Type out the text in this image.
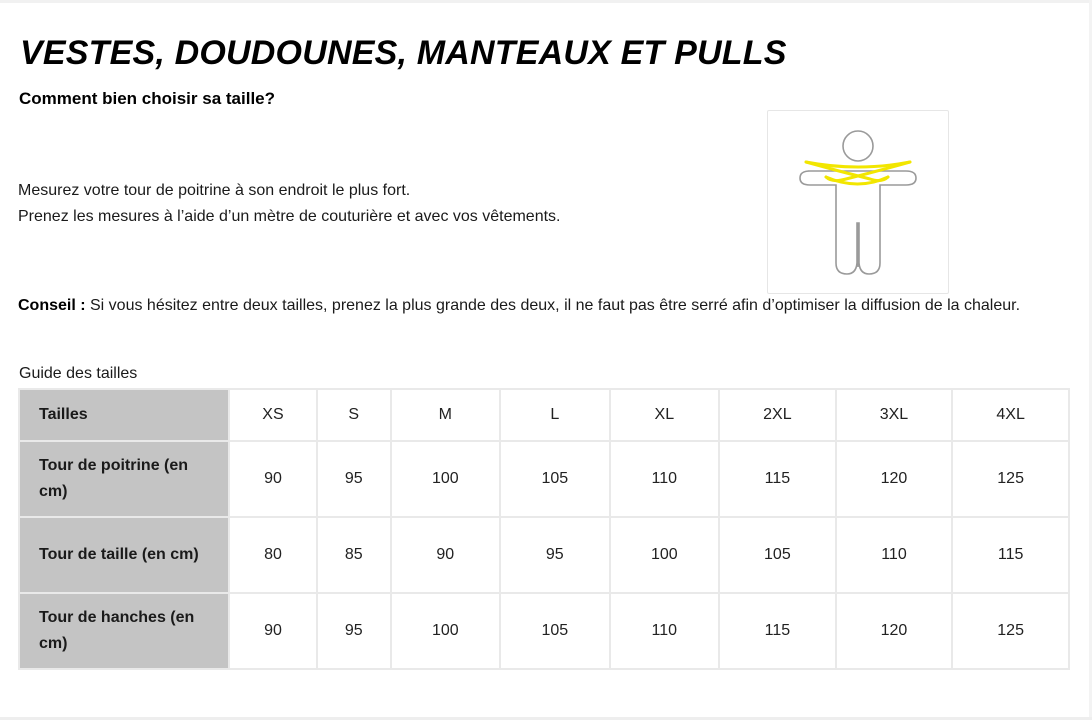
VESTES, DOUDOUNES, MANTEAUX ET PULLS
Comment bien choisir sa taille?

Mesurez votre tour de poitrine à son endroit le plus fort.

Prenez les mesures à l’aide d’un mètre de couturière et avec vos vêtements.

Conseil : Si vous hésitez entre deux tailles, prenez la plus grande des deux, il ne faut pas être serré afin d’optimiser la diffusion de la chaleur.
Guide des tailles
Tailles	XS	S	M	L	XL	2XL	3XL	4XL
Tour de poitrine (en cm)	90	95	100	105	110	115	120	125
Tour de taille (en cm)	80	85	90	95	100	105	110	115
Tour de hanches (en cm)	90	95	100	105	110	115	120	125
